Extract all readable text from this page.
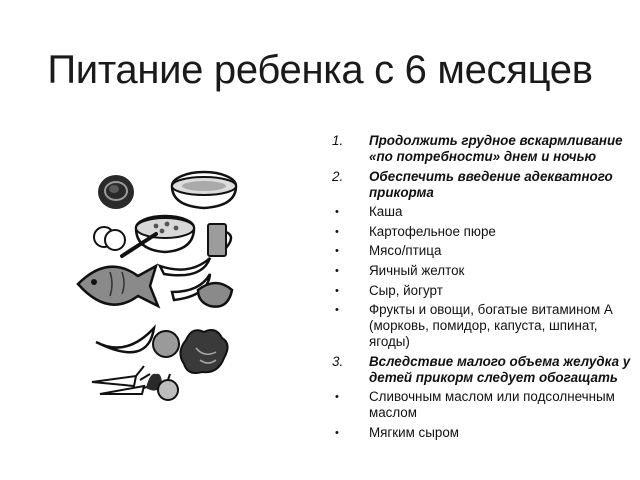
Питание ребенка с 6 месяцев
1. Продолжить грудное вскармливание «по потребности» днем и ночью
2. Обеспечить введение адекватного прикорма
• Каша
• Картофельное пюре
• Мясо/птица
• Яичный желток
• Сыр, йогурт
• Фрукты и овощи, богатые витамином А (морковь, помидор, капуста, шпинат, ягоды)
3. Вследствие малого объема желудка у детей прикорм следует обогащать
• Сливочным маслом или подсолнечным маслом
• Мягким сыром
